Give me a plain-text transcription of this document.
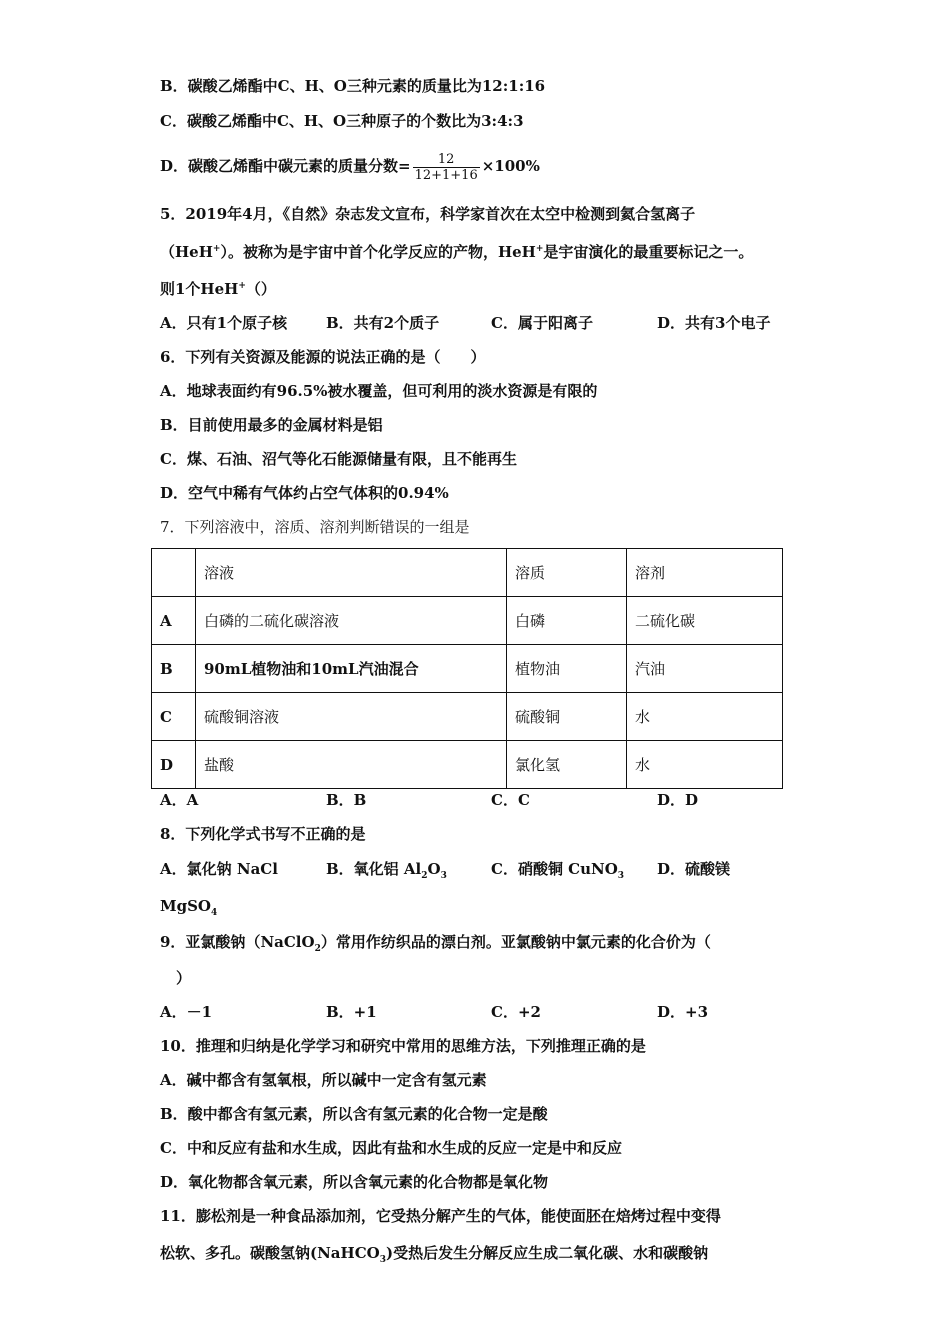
B．碳酸乙烯酯中C、H、O三种元素的质量比为12:1:16
C．碳酸乙烯酯中C、H、O三种原子的个数比为3:4:3
D．碳酸乙烯酯中碳元素的质量分数= $\frac{12}{12+1+16} \times 100\%$
5．2019年4月，《自然》杂志发文宣布，科学家首次在太空中检测到氦合氢离子
（HeH+）。被称为是宇宙中首个化学反应的产物，HeH+是宇宙演化的最重要标记之一。
则1个HeH+（）
A．只有1个原子核	B．共有2个质子	C．属于阳离子	D．共有3个电子
6．下列有关资源及能源的说法正确的是（　　）
A．地球表面约有96.5%被水覆盖，但可利用的淡水资源是有限的
B．目前使用最多的金属材料是铝
C．煤、石油、沼气等化石能源储量有限，且不能再生
D．空气中稀有气体约占空气体积的0.94%
7．下列溶液中，溶质、溶剂判断错误的一组是
	溶液	溶质	溶剂
A	白磷的二硫化碳溶液	白磷	二硫化碳
B	90mL植物油和10mL汽油混合	植物油	汽油
C	硫酸铜溶液	硫酸铜	水
D	盐酸	氯化氢	水
A．A	B．B	C．C	D．D
8．下列化学式书写不正确的是
A．氯化钠 NaCl	B．氧化铝 $Al_2O_3$	C．硝酸铜 CuNO$_3$ D．硫酸镁
MgSO$_4$
9．亚氯酸钠（NaClO$_2$）常用作纺织品的漂白剂。亚氯酸钠中氯元素的化合价为（
）
A．－1	B．+1	C．+2	D．+3
10．推理和归纳是化学学习和研究中常用的思维方法，下列推理正确的是
A．碱中都含有氢氧根，所以碱中一定含有氢元素
B．酸中都含有氢元素，所以含有氢元素的化合物一定是酸
C．中和反应有盐和水生成，因此有盐和水生成的反应一定是中和反应
D．氧化物都含氧元素，所以含氧元素的化合物都是氧化物
11．膨松剂是一种食品添加剂，它受热分解产生的气体，能使面胚在焙烤过程中变得
松软、多孔。碳酸氢钠(NaHCO$_3$)受热后发生分解反应生成二氧化碳、水和碳酸钠
